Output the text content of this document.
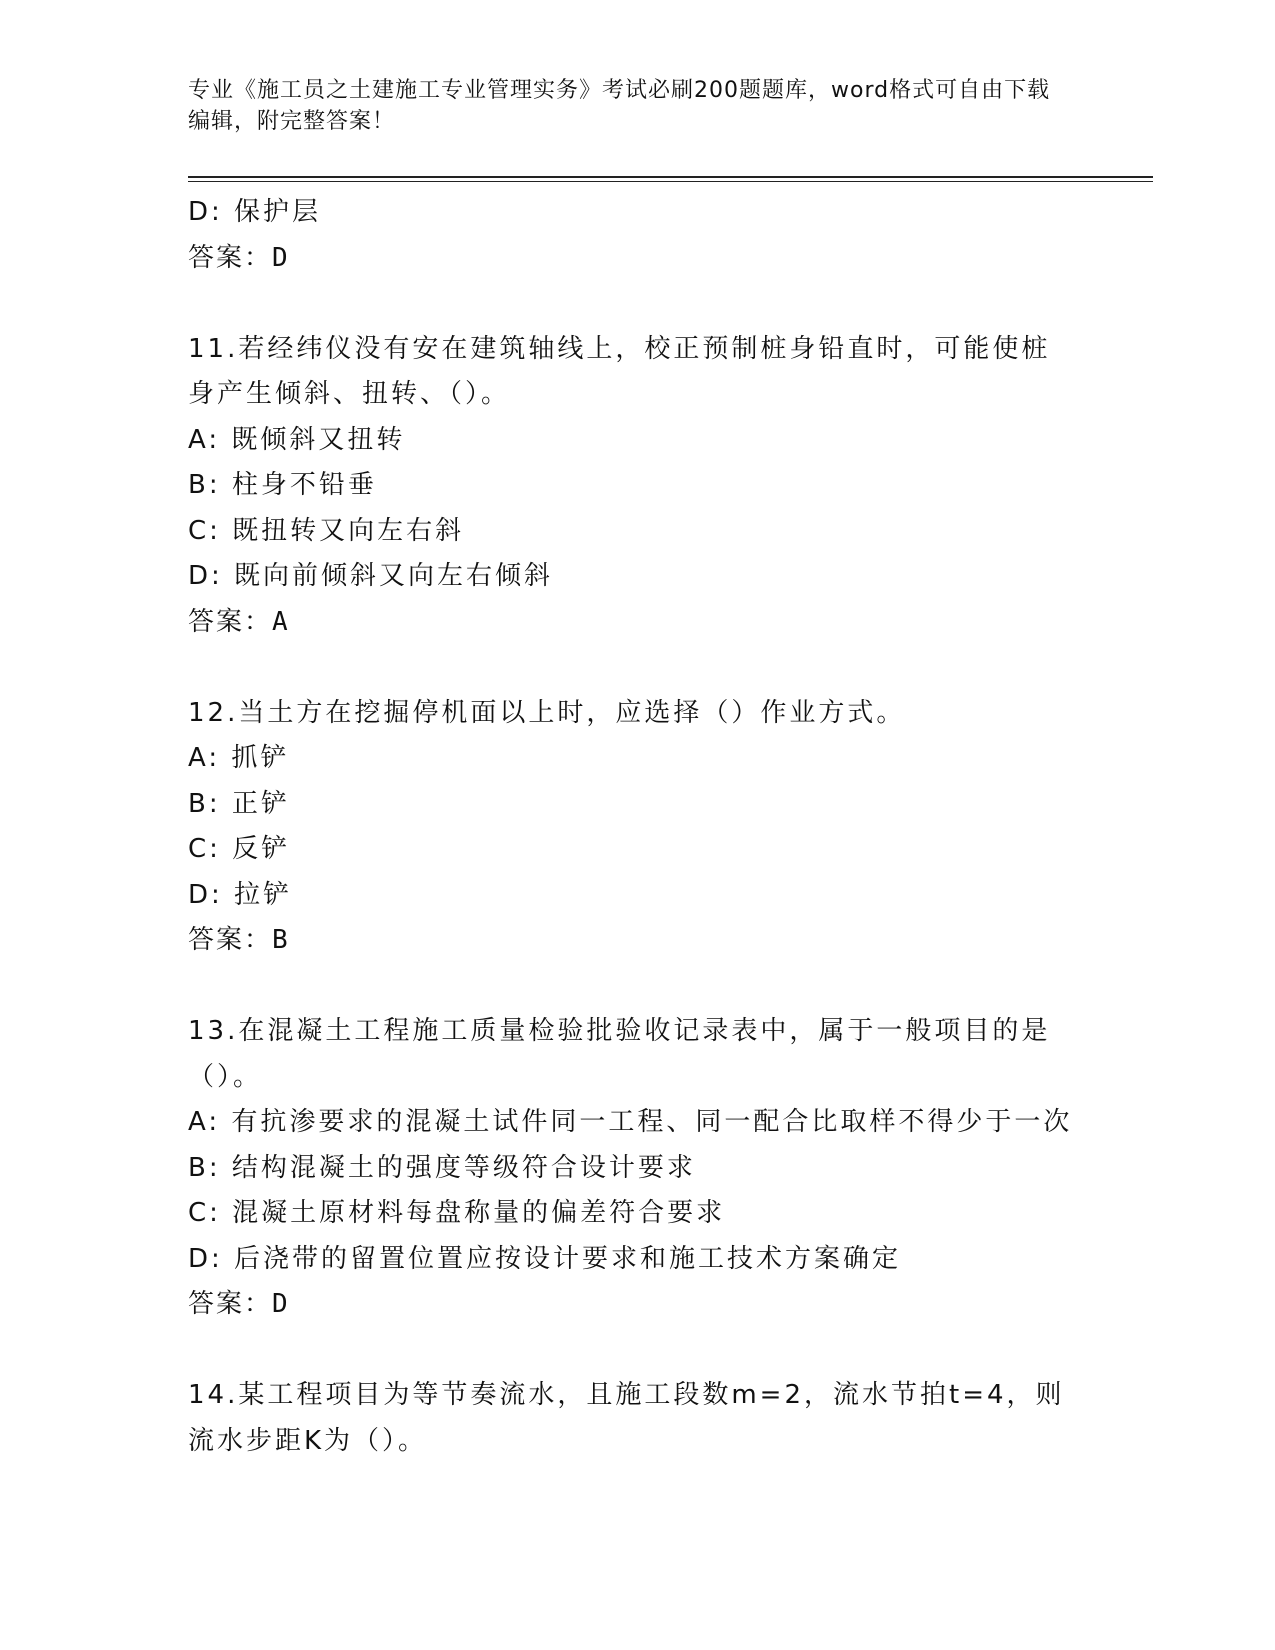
专业《施工员之土建施工专业管理实务》考试必刷200题题库，word格式可自由下载编辑，附完整答案！
D: 保护层
答案：D
11.若经纬仪没有安在建筑轴线上，校正预制桩身铅直时，可能使桩身产生倾斜、扭转、（）。
A: 既倾斜又扭转
B: 柱身不铅垂
C: 既扭转又向左右斜
D: 既向前倾斜又向左右倾斜
答案：A
12.当土方在挖掘停机面以上时，应选择（）作业方式。
A: 抓铲
B: 正铲
C: 反铲
D: 拉铲
答案：B
13.在混凝土工程施工质量检验批验收记录表中，属于一般项目的是（）。
A: 有抗渗要求的混凝土试件同一工程、同一配合比取样不得少于一次
B: 结构混凝土的强度等级符合设计要求
C: 混凝土原材料每盘称量的偏差符合要求
D: 后浇带的留置位置应按设计要求和施工技术方案确定
答案：D
14.某工程项目为等节奏流水，且施工段数m=2，流水节拍t=4，则流水步距K为（）。
